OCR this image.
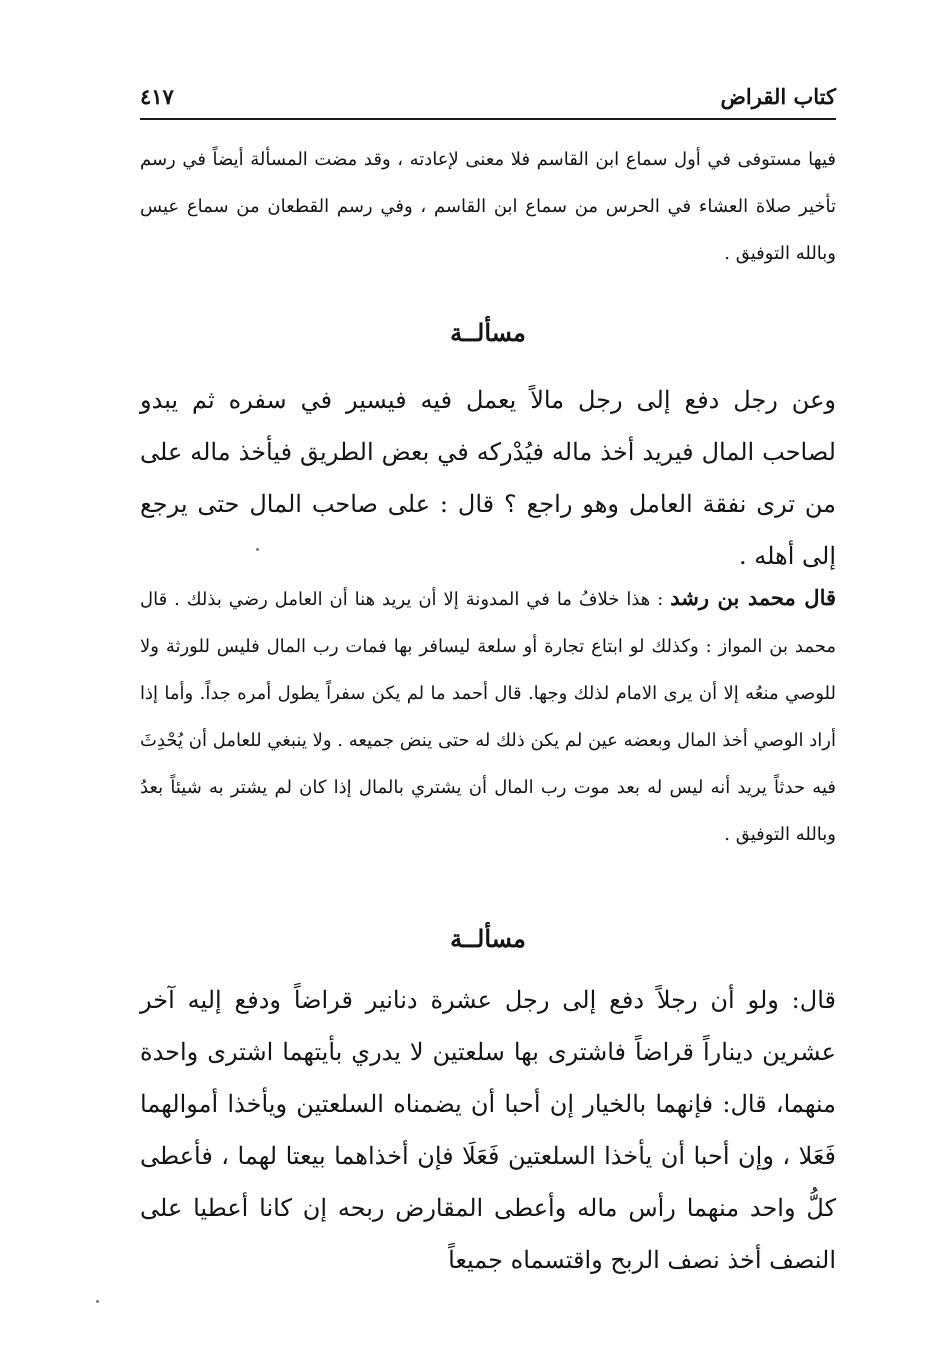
كتاب القراض
٤١٧

فيها مستوفى في أول سماع ابن القاسم فلا معنى لإعادته ، وقد مضت المسألة أيضاً في رسم تأخير صلاة العشاء في الحرس من سماع ابن القاسم ، وفي رسم القطعان من سماع عيس وبالله التوفيق .

مسألــة

وعن رجل دفع إلى رجل مالاً يعمل فيه فيسير في سفره ثم يبدو لصاحب المال فيريد أخذ ماله فيُدْركه في بعض الطريق فيأخذ ماله على من ترى نفقة العامل وهو راجع ؟ قال : على صاحب المال حتى يرجع إلى أهله .

قال محمد بن رشد : هذا خلافُ ما في المدونة إلا أن يريد هنا أن العامل رضي بذلك . قال محمد بن المواز : وكذلك لو ابتاع تجارة أو سلعة ليسافر بها فمات رب المال فليس للورثة ولا للوصي منعُه إلا أن يرى الامام لذلك وجها. قال أحمد ما لم يكن سفراً يطول أمره جداً. وأما إذا أراد الوصي أخذ المال وبعضه عين لم يكن ذلك له حتى ينض جميعه . ولا ينبغي للعامل أن يُحْدِثَ فيه حدثاً يريد أنه ليس له بعد موت رب المال أن يشتري بالمال إذا كان لم يشتر به شيئاً بعدُ وبالله التوفيق .

مسألــة

قال: ولو أن رجلاً دفع إلى رجل عشرة دنانير قراضاً ودفع إليه آخر عشرين ديناراً قراضاً فاشترى بها سلعتين لا يدري بأيتهما اشترى واحدة منهما، قال: فإنهما بالخيار إن أحبا أن يضمناه السلعتين ويأخذا أموالهما فَعَلا ، وإن أحبا أن يأخذا السلعتين فَعَلَا فإن أخذاهما بيعتا لهما ، فأعطى كلُّ واحد منهما رأس ماله وأعطى المقارض ربحه إن كانا أعطيا على النصف أخذ نصف الربح واقتسماه جميعاً
